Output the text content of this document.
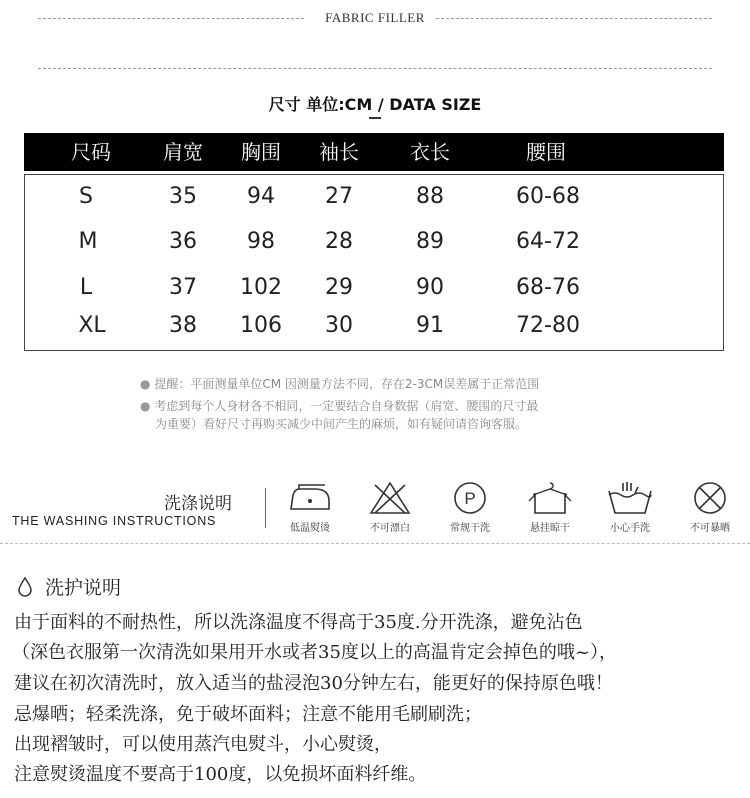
FABRIC FILLER
尺寸 单位:CM / DATA SIZE
尺码	肩宽 胸围 袖长	衣长	腰围
S	35 94 27	88	60-68
M	36 98 28	89	64-72
L	37 102 29	90	68-76
XL	38 106 30	91	72-80
● 提醒：平面测量单位CM 因测量方法不同，存在2-3CM误差属于正常范围
● 考虑到每个人身材各不相同，一定要结合自身数据（肩宽、腰围的尺寸最
为重要）看好尺寸再购买减少中间产生的麻烦，如有疑问请咨询客服。
洗涤说明
THE WASHING INSTRUCTIONS
低温熨烫	不可漂白
P
常规干洗	悬挂晾干	小心手洗	不可暴晒
洗护说明
由于面料的不耐热性，所以洗涤温度不得高于35度.分开洗涤，避免沾色
（深色衣服第一次清洗如果用开水或者35度以上的高温肯定会掉色的哦~），
建议在初次清洗时，放入适当的盐浸泡30分钟左右，能更好的保持原色哦！
忌爆晒；轻柔洗涤，免于破坏面料；注意不能用毛刷刷洗；
出现褶皱时，可以使用蒸汽电熨斗，小心熨烫，
注意熨烫温度不要高于100度，以免损坏面料纤维。
